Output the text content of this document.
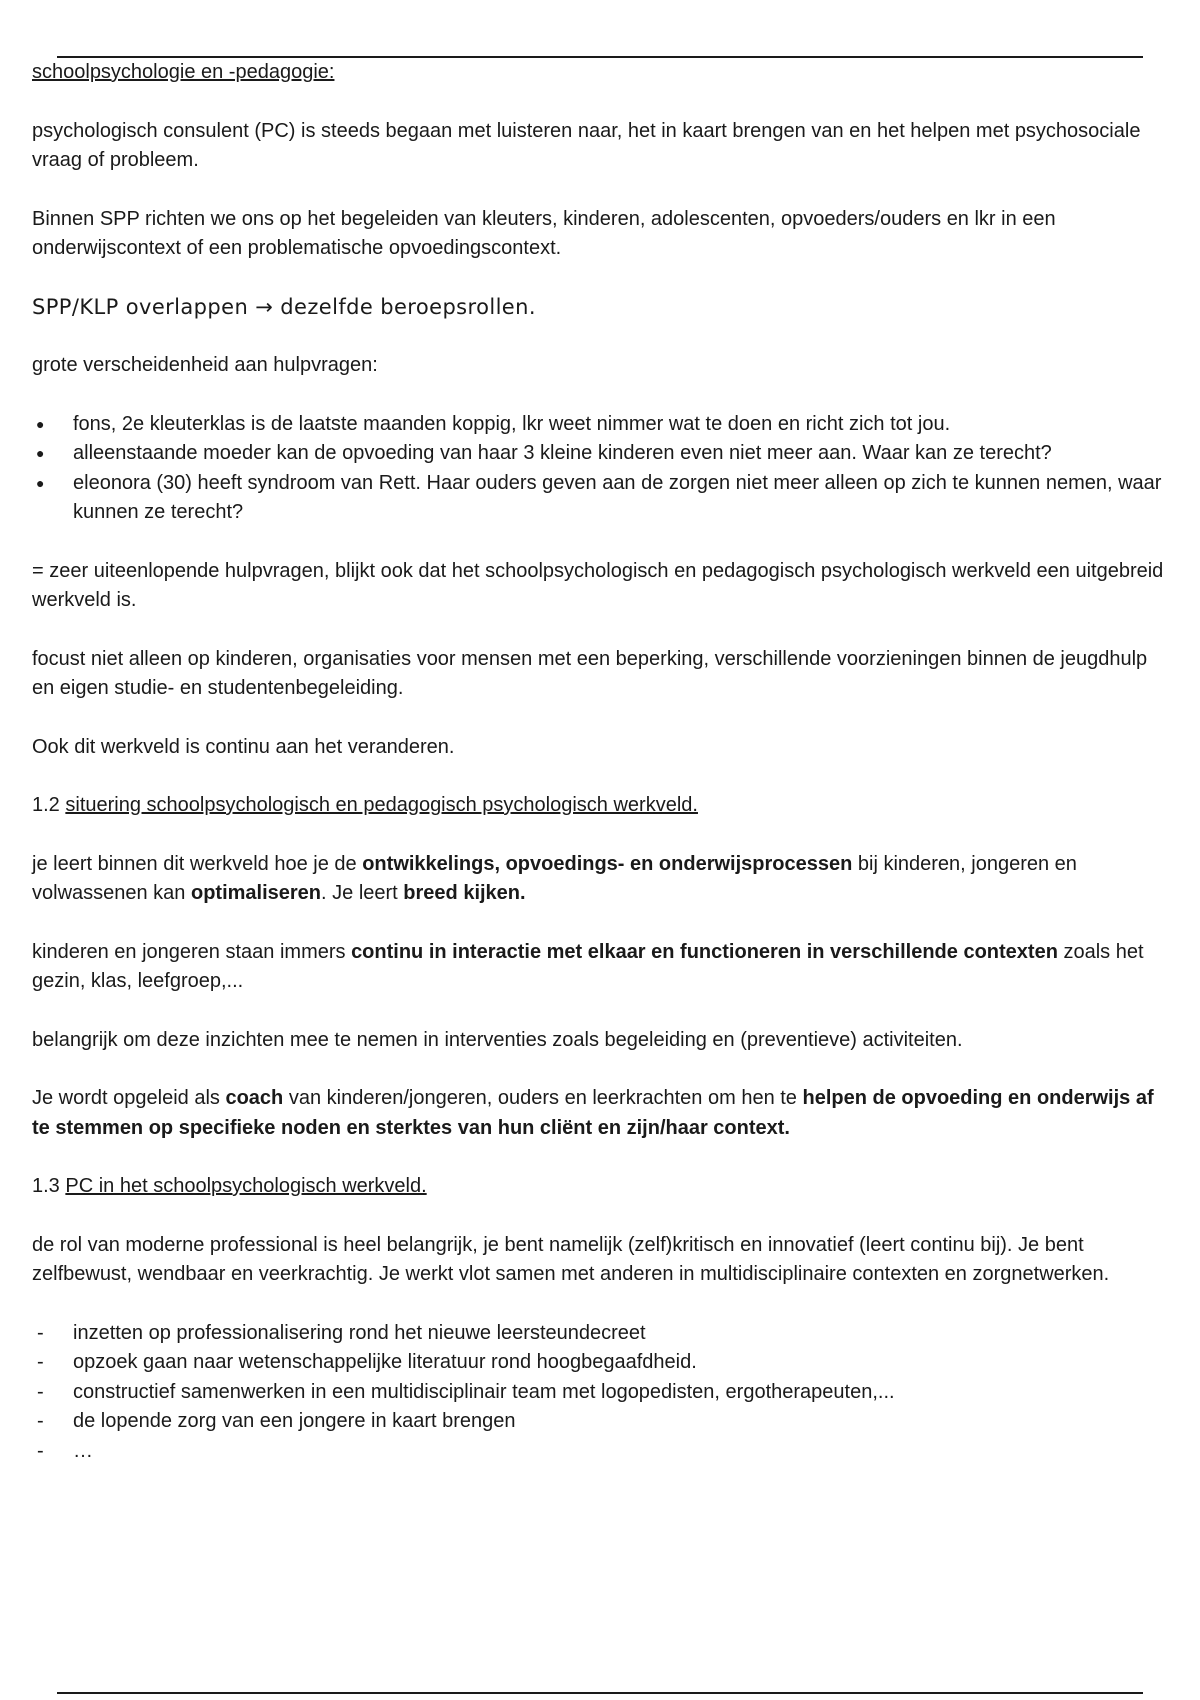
schoolpsychologie en -pedagogie:

psychologisch consulent (PC) is steeds begaan met luisteren naar, het in kaart brengen van en het helpen met psychosociale vraag of probleem.

Binnen SPP richten we ons op het begeleiden van kleuters, kinderen, adolescenten, opvoeders/ouders en lkr in een onderwijscontext of een problematische opvoedingscontext.

SPP/KLP overlappen → dezelfde beroepsrollen.

grote verscheidenheid aan hulpvragen:

● fons, 2e kleuterklas is de laatste maanden koppig, lkr weet nimmer wat te doen en richt zich tot jou.
● alleenstaande moeder kan de opvoeding van haar 3 kleine kinderen even niet meer aan. Waar kan ze terecht?
● eleonora (30) heeft syndroom van Rett. Haar ouders geven aan de zorgen niet meer alleen op zich te kunnen nemen, waar kunnen ze terecht?

= zeer uiteenlopende hulpvragen, blijkt ook dat het schoolpsychologisch en pedagogisch psychologisch werkveld een uitgebreid werkveld is.

focust niet alleen op kinderen, organisaties voor mensen met een beperking, verschillende voorzieningen binnen de jeugdhulp en eigen studie- en studentenbegeleiding.

Ook dit werkveld is continu aan het veranderen.

1.2 situering schoolpsychologisch en pedagogisch psychologisch werkveld.

je leert binnen dit werkveld hoe je de ontwikkelings, opvoedings- en onderwijsprocessen bij kinderen, jongeren en volwassenen kan optimaliseren. Je leert breed kijken.

kinderen en jongeren staan immers continu in interactie met elkaar en functioneren in verschillende contexten zoals het gezin, klas, leefgroep,...

belangrijk om deze inzichten mee te nemen in interventies zoals begeleiding en (preventieve) activiteiten.

Je wordt opgeleid als coach van kinderen/jongeren, ouders en leerkrachten om hen te helpen de opvoeding en onderwijs af te stemmen op specifieke noden en sterktes van hun cliënt en zijn/haar context.

1.3 PC in het schoolpsychologisch werkveld.

de rol van moderne professional is heel belangrijk, je bent namelijk (zelf)kritisch en innovatief (leert continu bij). Je bent zelfbewust, wendbaar en veerkrachtig. Je werkt vlot samen met anderen in multidisciplinaire contexten en zorgnetwerken.

- inzetten op professionalisering rond het nieuwe leersteundecreet
- opzoek gaan naar wetenschappelijke literatuur rond hoogbegaafdheid.
- constructief samenwerken in een multidisciplinair team met logopedisten, ergotherapeuten,...
- de lopende zorg van een jongere in kaart brengen
- …
